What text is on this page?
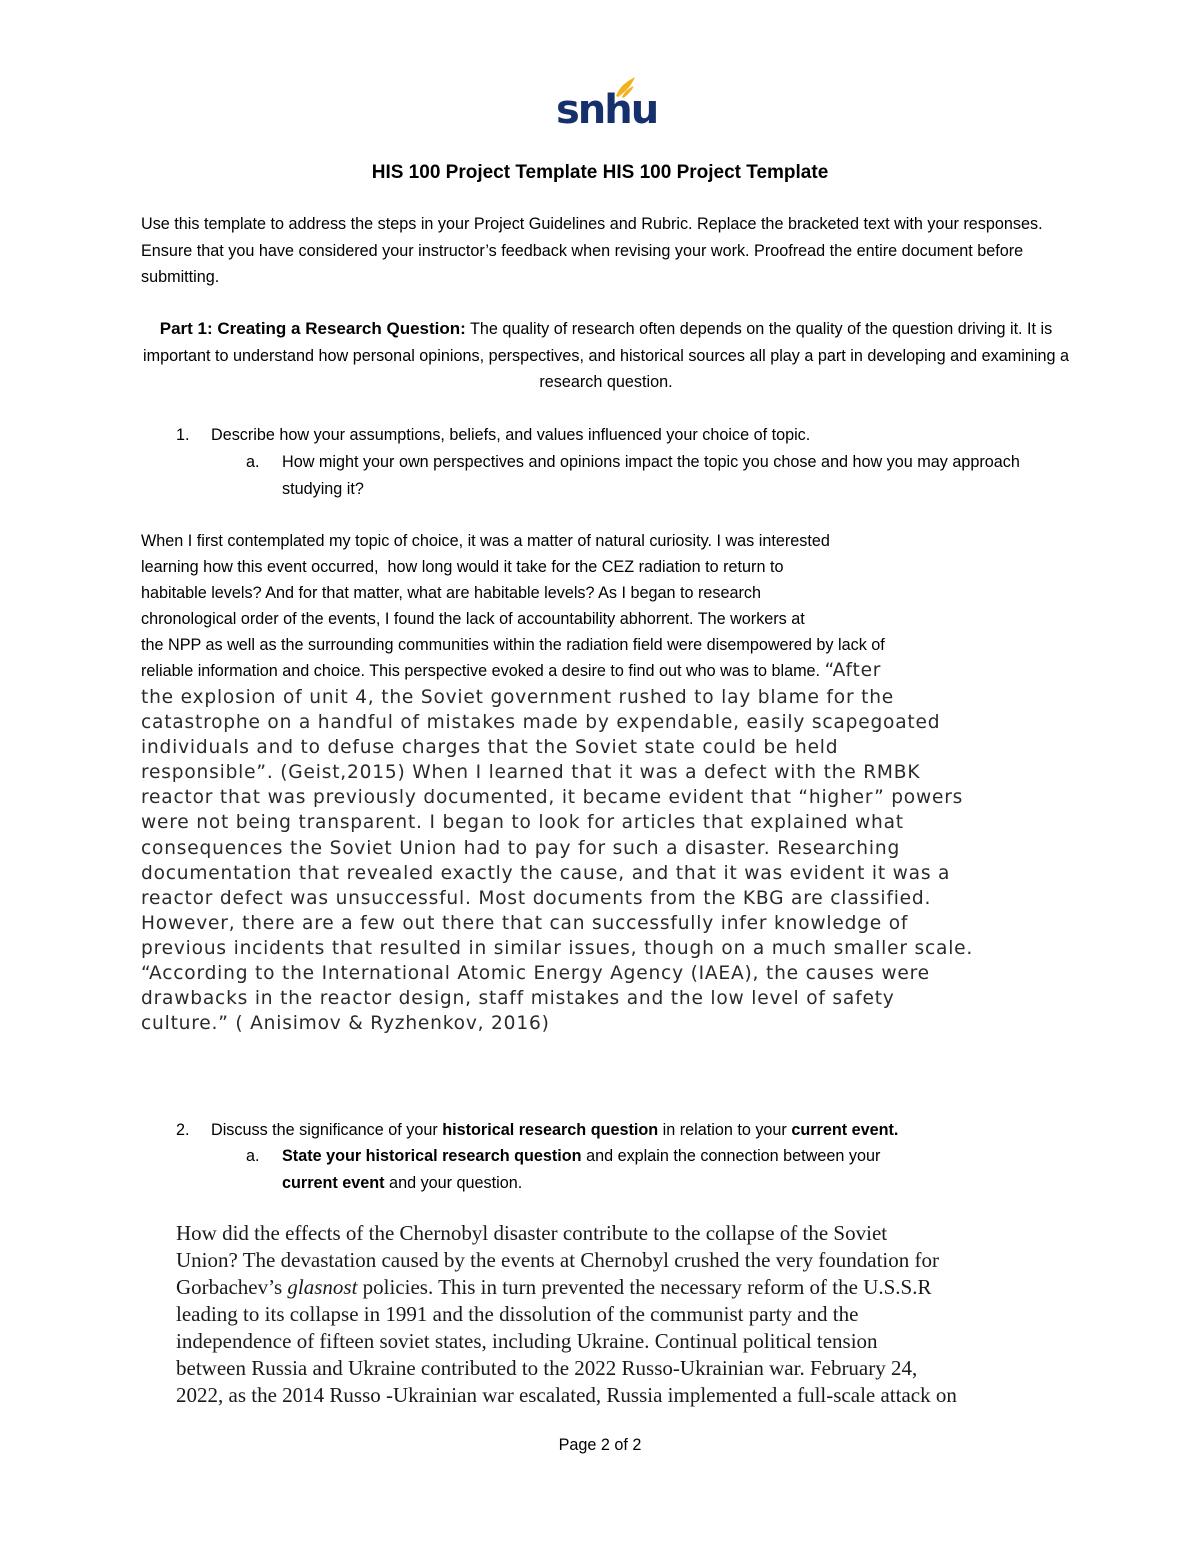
snhu
HIS 100 Project Template HIS 100 Project Template
Use this template to address the steps in your Project Guidelines and Rubric. Replace the bracketed text with your responses. Ensure that you have considered your instructor’s feedback when revising your work. Proofread the entire document before submitting.
Part 1: Creating a Research Question: The quality of research often depends on the quality of the question driving it. It is important to understand how personal opinions, perspectives, and historical sources all play a part in developing and examining a research question.
1. Describe how your assumptions, beliefs, and values influenced your choice of topic.
a. How might your own perspectives and opinions impact the topic you chose and how you may approach studying it?
When I first contemplated my topic of choice, it was a matter of natural curiosity. I was interested
learning how this event occurred,  how long would it take for the CEZ radiation to return to
habitable levels? And for that matter, what are habitable levels? As I began to research
chronological order of the events, I found the lack of accountability abhorrent. The workers at
the NPP as well as the surrounding communities within the radiation field were disempowered by lack of
reliable information and choice. This perspective evoked a desire to find out who was to blame. “After
the explosion of unit 4, the Soviet government rushed to lay blame for the
catastrophe on a handful of mistakes made by expendable, easily scapegoated
individuals and to defuse charges that the Soviet state could be held
responsible”. (Geist,2015) When I learned that it was a defect with the RMBK
reactor that was previously documented, it became evident that “higher” powers
were not being transparent. I began to look for articles that explained what
consequences the Soviet Union had to pay for such a disaster. Researching
documentation that revealed exactly the cause, and that it was evident it was a
reactor defect was unsuccessful. Most documents from the KBG are classified.
However, there are a few out there that can successfully infer knowledge of
previous incidents that resulted in similar issues, though on a much smaller scale.
“According to the International Atomic Energy Agency (IAEA), the causes were
drawbacks in the reactor design, staff mistakes and the low level of safety
culture.” ( Anisimov & Ryzhenkov, 2016)
2. Discuss the significance of your historical research question in relation to your current event.
a. State your historical research question and explain the connection between your
current event and your question.
How did the effects of the Chernobyl disaster contribute to the collapse of the Soviet
Union? The devastation caused by the events at Chernobyl crushed the very foundation for
Gorbachev’s glasnost policies. This in turn prevented the necessary reform of the U.S.S.R
leading to its collapse in 1991 and the dissolution of the communist party and the
independence of fifteen soviet states, including Ukraine. Continual political tension
between Russia and Ukraine contributed to the 2022 Russo-Ukrainian war. February 24,
2022, as the 2014 Russo -Ukrainian war escalated, Russia implemented a full-scale attack on
Page 2 of 2
